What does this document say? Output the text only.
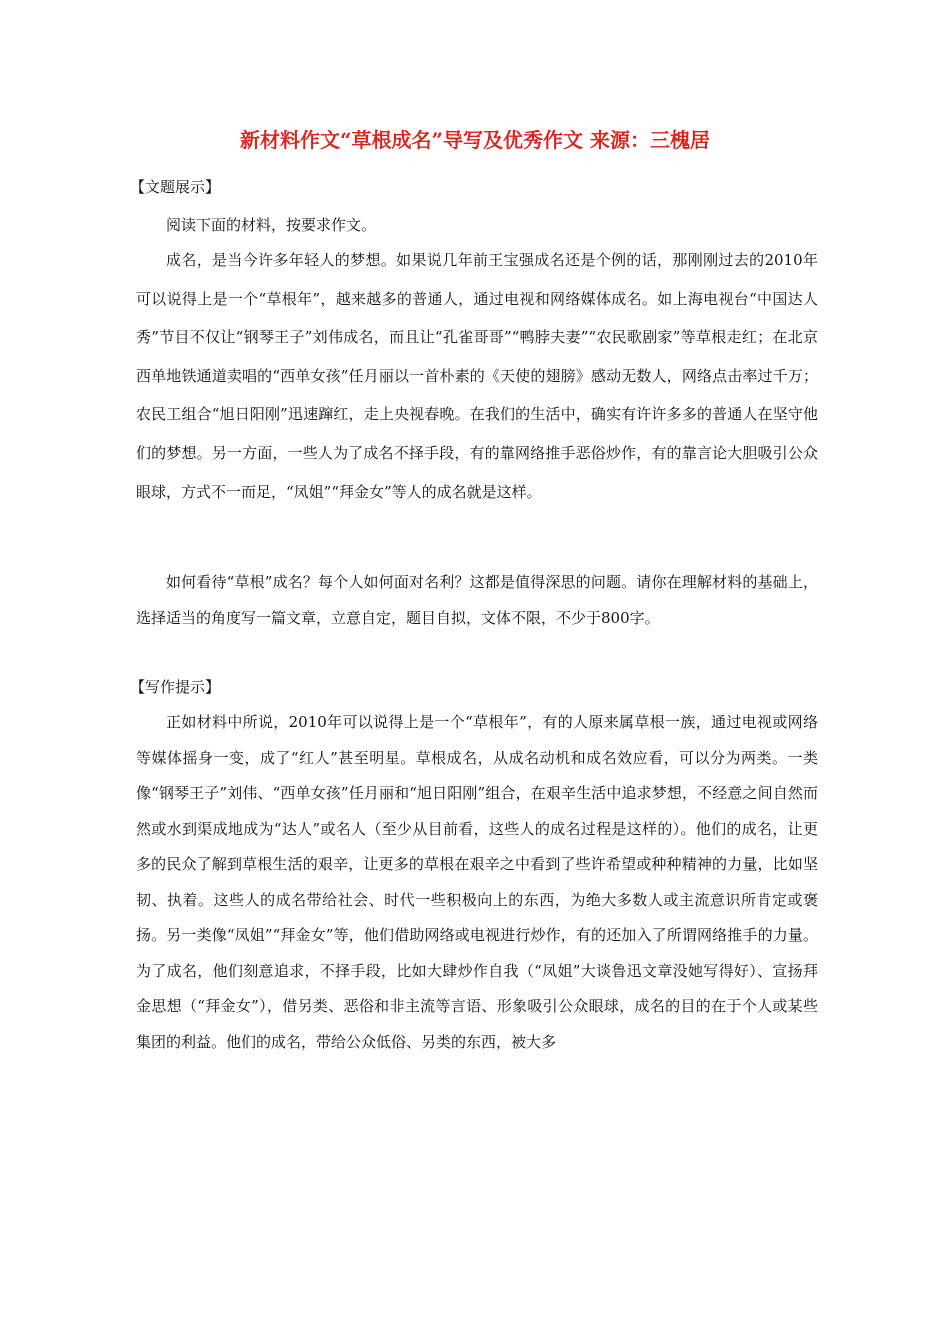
新材料作文“草根成名”导写及优秀作文 来源：三槐居
【文题展示】

阅读下面的材料，按要求作文。

成名，是当今许多年轻人的梦想。如果说几年前王宝强成名还是个例的话，那刚刚过去的2010年可以说得上是一个“草根年”，越来越多的普通人，通过电视和网络媒体成名。如上海电视台“中国达人秀”节目不仅让“钢琴王子”刘伟成名，而且让“孔雀哥哥”“鸭脖夫妻”“农民歌剧家”等草根走红；在北京西单地铁通道卖唱的“西单女孩”任月丽以一首朴素的《天使的翅膀》感动无数人，网络点击率过千万；农民工组合“旭日阳刚”迅速蹿红，走上央视春晚。在我们的生活中，确实有许许多多的普通人在坚守他们的梦想。另一方面，一些人为了成名不择手段，有的靠网络推手恶俗炒作，有的靠言论大胆吸引公众眼球，方式不一而足，“凤姐”“拜金女”等人的成名就是这样。

如何看待“草根”成名？每个人如何面对名利？这都是值得深思的问题。请你在理解材料的基础上，选择适当的角度写一篇文章，立意自定，题目自拟，文体不限，不少于800字。

【写作提示】

正如材料中所说，2010年可以说得上是一个“草根年”，有的人原来属草根一族，通过电视或网络等媒体摇身一变，成了“红人”甚至明星。草根成名，从成名动机和成名效应看，可以分为两类。一类像“钢琴王子”刘伟、“西单女孩”任月丽和“旭日阳刚”组合，在艰辛生活中追求梦想，不经意之间自然而然或水到渠成地成为“达人”或名人（至少从目前看，这些人的成名过程是这样的）。他们的成名，让更多的民众了解到草根生活的艰辛，让更多的草根在艰辛之中看到了些许希望或种种精神的力量，比如坚韧、执着。这些人的成名带给社会、时代一些积极向上的东西，为绝大多数人或主流意识所肯定或褒扬。另一类像“凤姐”“拜金女”等，他们借助网络或电视进行炒作，有的还加入了所谓网络推手的力量。为了成名，他们刻意追求，不择手段，比如大肆炒作自我（“凤姐”大谈鲁迅文章没她写得好）、宣扬拜金思想（“拜金女”），借另类、恶俗和非主流等言语、形象吸引公众眼球，成名的目的在于个人或某些集团的利益。他们的成名，带给公众低俗、另类的东西，被大多
